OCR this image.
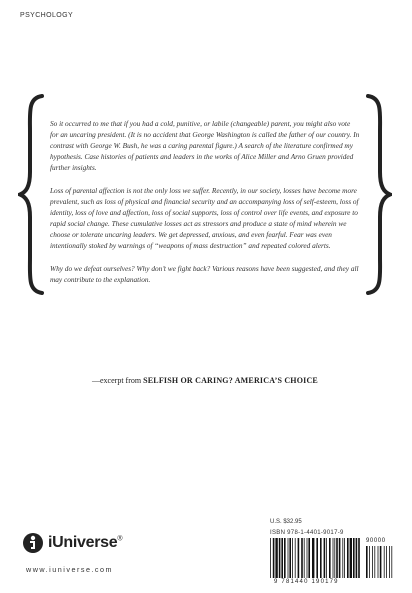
PSYCHOLOGY

So it occurred to me that if you had a cold, punitive, or labile (changeable) parent, you might also vote for an uncaring president. (It is no accident that George Washington is called the father of our country. In contrast with George W. Bush, he was a caring parental figure.) A search of the literature confirmed my hypothesis. Case histories of patients and leaders in the works of Alice Miller and Arno Gruen provided further insights.

Loss of parental affection is not the only loss we suffer. Recently, in our society, losses have become more prevalent, such as loss of physical and financial security and an accompanying loss of self-esteem, loss of identity, loss of love and affection, loss of social supports, loss of control over life events, and exposure to rapid social change. These cumulative losses act as stressors and produce a state of mind wherein we choose or tolerate uncaring leaders. We get depressed, anxious, and even fearful. Fear was even intentionally stoked by warnings of “weapons of mass destruction” and repeated colored alerts.

Why do we defeat ourselves? Why don’t we fight back? Various reasons have been suggested, and they all may contribute to the explanation.

—excerpt from SELFISH OR CARING? AMERICA’S CHOICE
U.S. $32.95
ISBN 978-1-4401-9017-9
9 781440 190179
90000
iUniverse®
www.iuniverse.com
